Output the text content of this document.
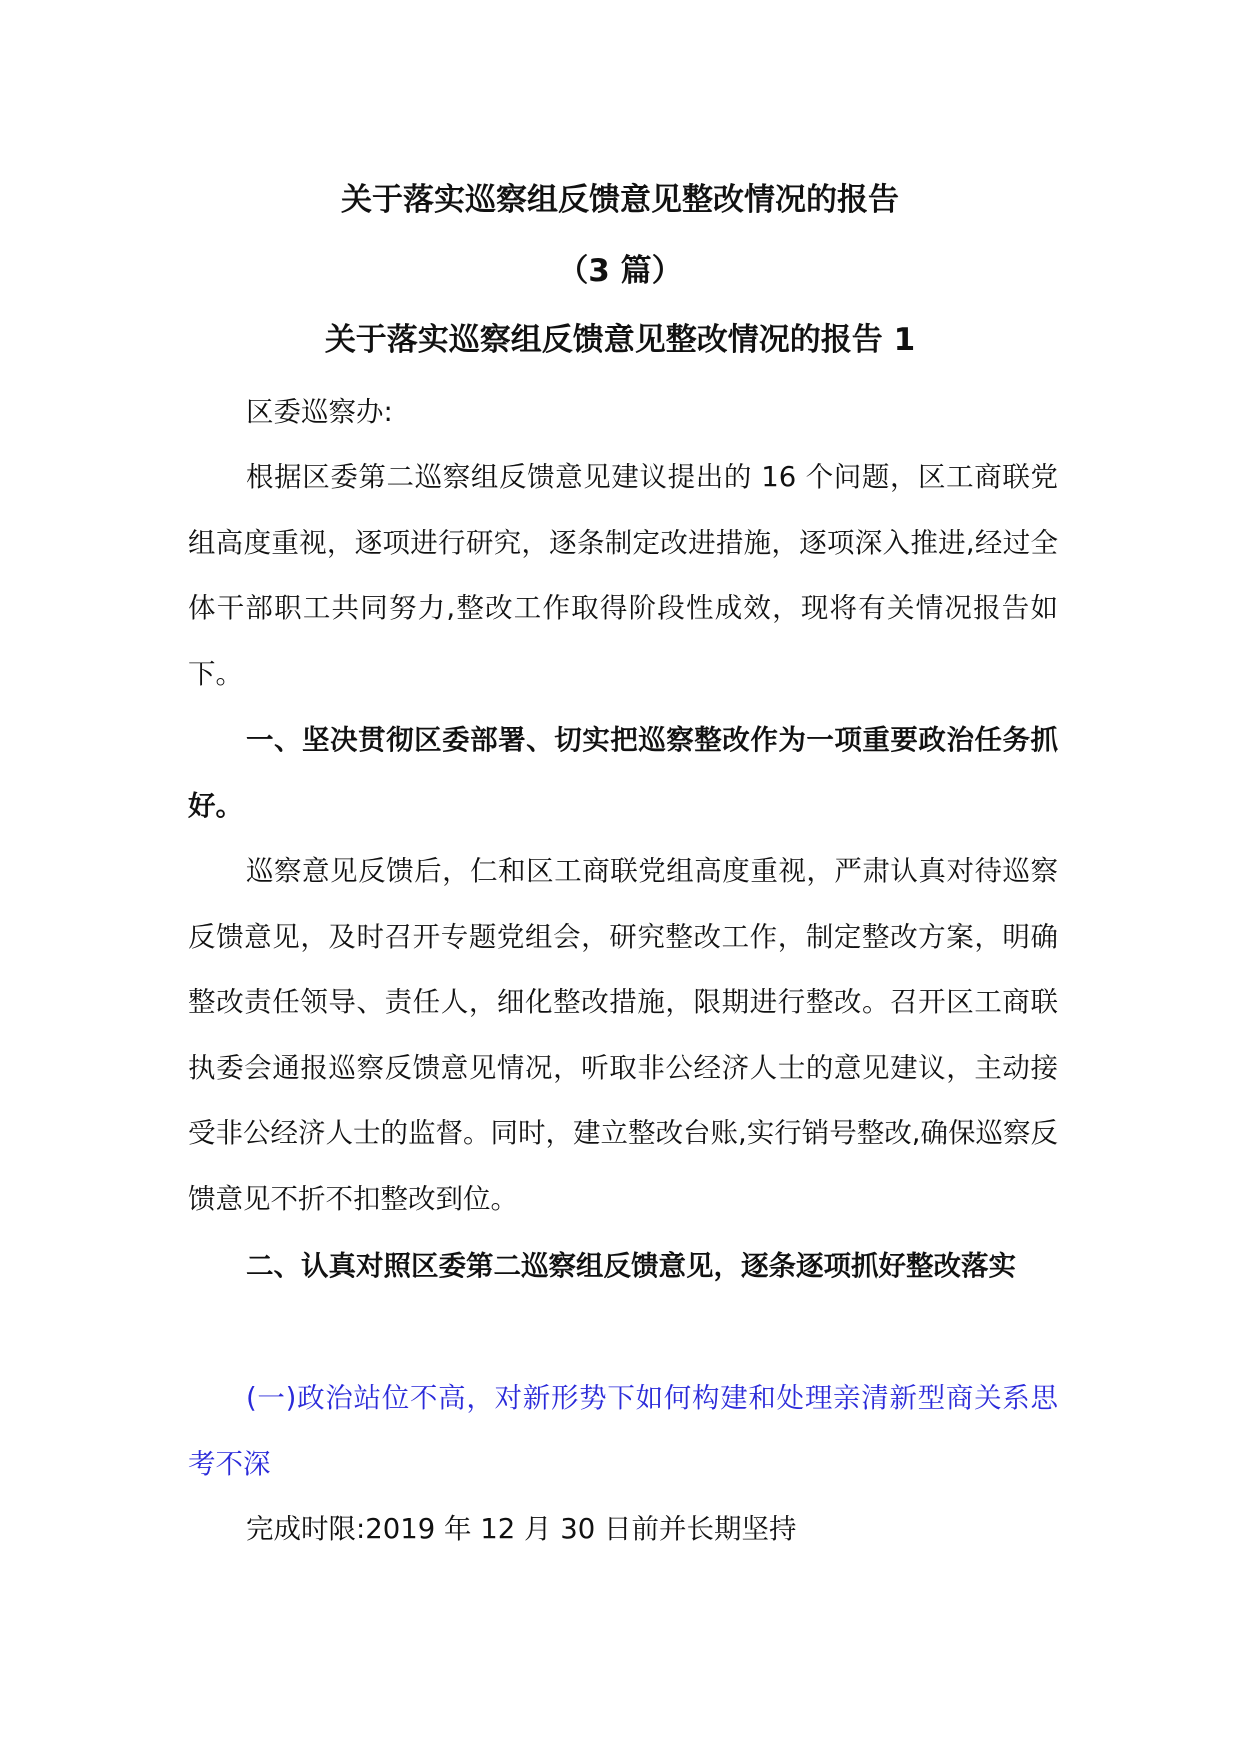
关于落实巡察组反馈意见整改情况的报告
（3 篇）
关于落实巡察组反馈意见整改情况的报告 1

区委巡察办:

根据区委第二巡察组反馈意见建议提出的 16 个问题，区工商联党组高度重视，逐项进行研究，逐条制定改进措施，逐项深入推进,经过全体干部职工共同努力,整改工作取得阶段性成效，现将有关情况报告如下。

一、坚决贯彻区委部署、切实把巡察整改作为一项重要政治任务抓好。

巡察意见反馈后，仁和区工商联党组高度重视，严肃认真对待巡察反馈意见，及时召开专题党组会，研究整改工作，制定整改方案，明确整改责任领导、责任人，细化整改措施，限期进行整改。召开区工商联执委会通报巡察反馈意见情况，听取非公经济人士的意见建议，主动接受非公经济人士的监督。同时，建立整改台账,实行销号整改,确保巡察反馈意见不折不扣整改到位。

二、认真对照区委第二巡察组反馈意见，逐条逐项抓好整改落实

(一)政治站位不高，对新形势下如何构建和处理亲清新型商关系思考不深

完成时限:2019 年 12 月 30 日前并长期坚持
